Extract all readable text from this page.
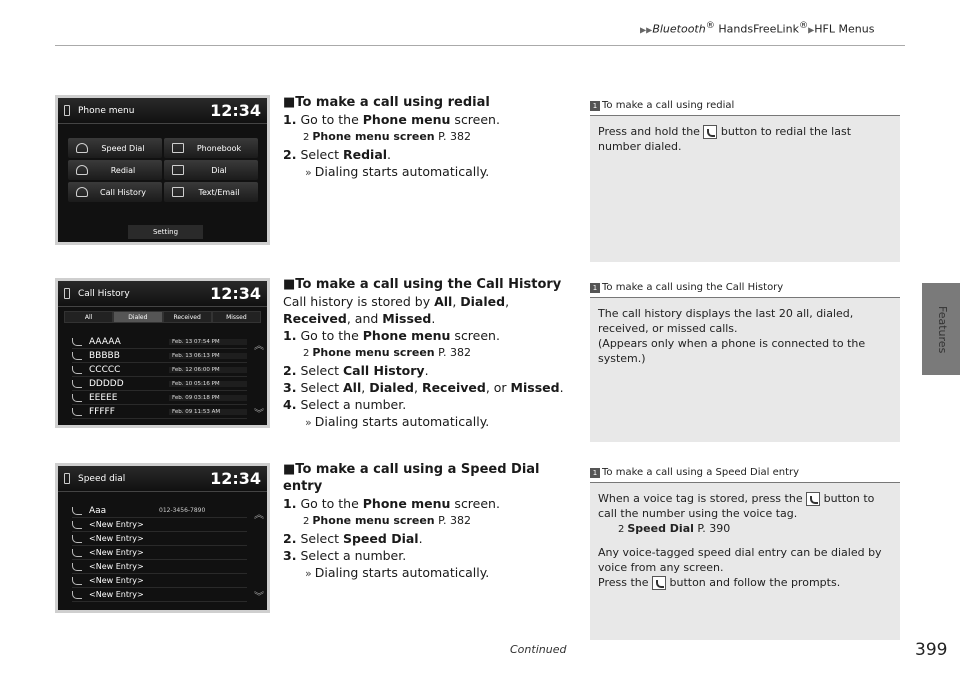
▶▶Bluetooth® HandsFreeLink®▶HFL Menus
Features
Phone menu	12:34
Speed Dial	Phonebook
Redial	Dial
Call History	Text/Email
Setting
Call History	12:34
All	Dialed	Received	Missed
AAAAA	Feb. 13 07:54 PM
BBBBB	Feb. 13 06:13 PM
CCCCC	Feb. 12 06:00 PM
DDDDD	Feb. 10 05:16 PM
EEEEE	Feb. 09 03:18 PM
FFFFF	Feb. 09 11:53 AM
︽
︾
Speed dial	12:34
Aaa	012-3456-7890
<New Entry>
<New Entry>
<New Entry>
<New Entry>
<New Entry>
<New Entry>
︽
︾
■To make a call using redial
1. Go to the Phone menu screen.
2 Phone menu screen P. 382
2. Select Redial.
» Dialing starts automatically.
■To make a call using the Call History
Call history is stored by All, Dialed,
Received, and Missed.
1. Go to the Phone menu screen.
2 Phone menu screen P. 382
2. Select Call History.
3. Select All, Dialed, Received, or Missed.
4. Select a number.
» Dialing starts automatically.
■To make a call using a Speed Dial entry
1. Go to the Phone menu screen.
2 Phone menu screen P. 382
2. Select Speed Dial.
3. Select a number.
» Dialing starts automatically.
1 To make a call using redial
Press and hold the  button to redial the last number dialed.
1 To make a call using the Call History
The call history displays the last 20 all, dialed, received, or missed calls.
(Appears only when a phone is connected to the system.)
1 To make a call using a Speed Dial entry
When a voice tag is stored, press the  button to call the number using the voice tag.
2 Speed Dial P. 390
Any voice-tagged speed dial entry can be dialed by voice from any screen.
Press the  button and follow the prompts.
Continued	399
